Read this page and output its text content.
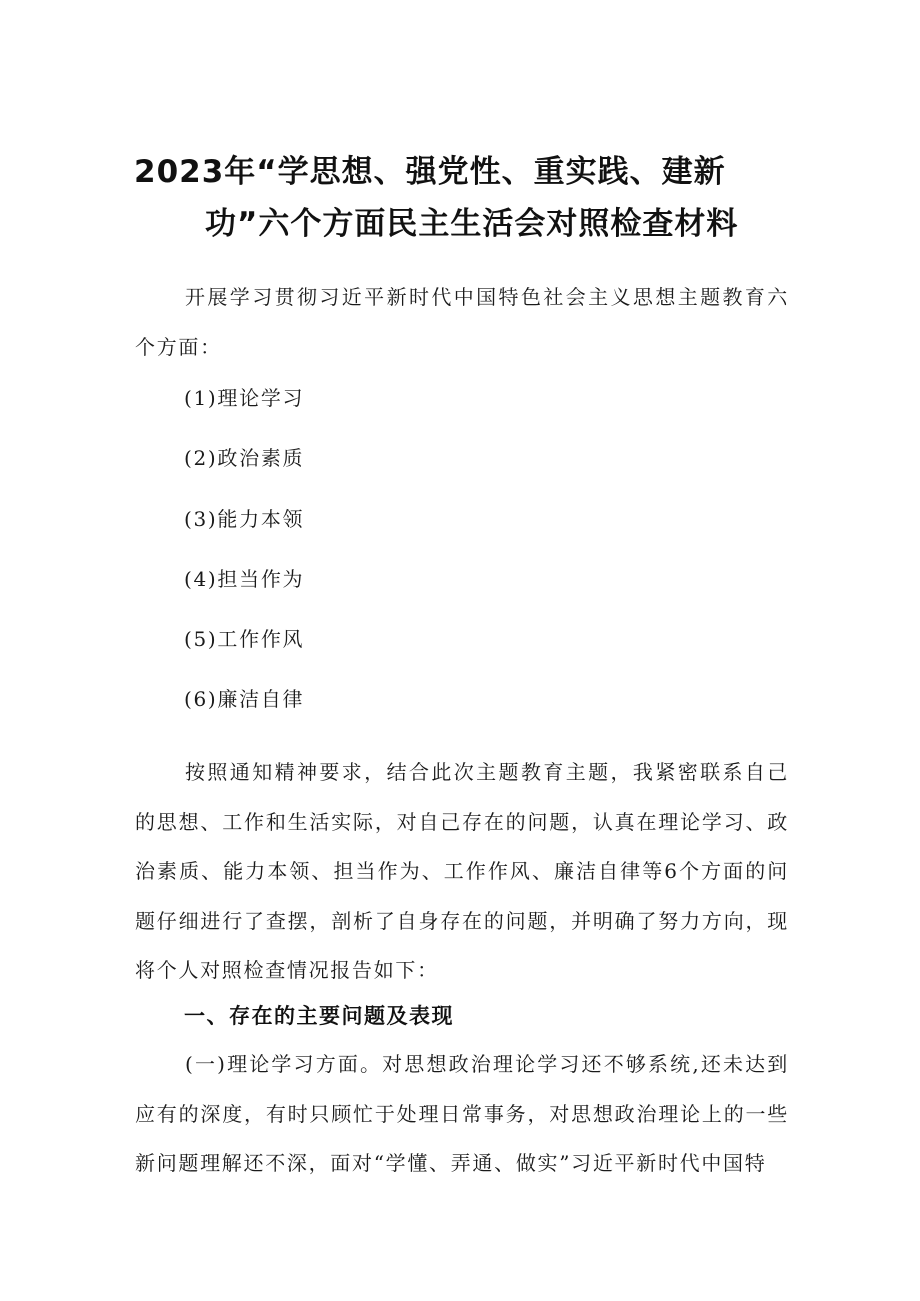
2023年“学思想、强党性、重实践、建新
功”六个方面民主生活会对照检查材料
开展学习贯彻习近平新时代中国特色社会主义思想主题教育六个方面：
(1)理论学习
(2)政治素质
(3)能力本领
(4)担当作为
(5)工作作风
(6)廉洁自律
按照通知精神要求，结合此次主题教育主题，我紧密联系自己的思想、工作和生活实际，对自己存在的问题，认真在理论学习、政治素质、能力本领、担当作为、工作作风、廉洁自律等6个方面的问题仔细进行了查摆，剖析了自身存在的问题，并明确了努力方向，现将个人对照检查情况报告如下：
一、存在的主要问题及表现
(一)理论学习方面。对思想政治理论学习还不够系统,还未达到应有的深度，有时只顾忙于处理日常事务，对思想政治理论上的一些新问题理解还不深，面对“学懂、弄通、做实”习近平新时代中国特
